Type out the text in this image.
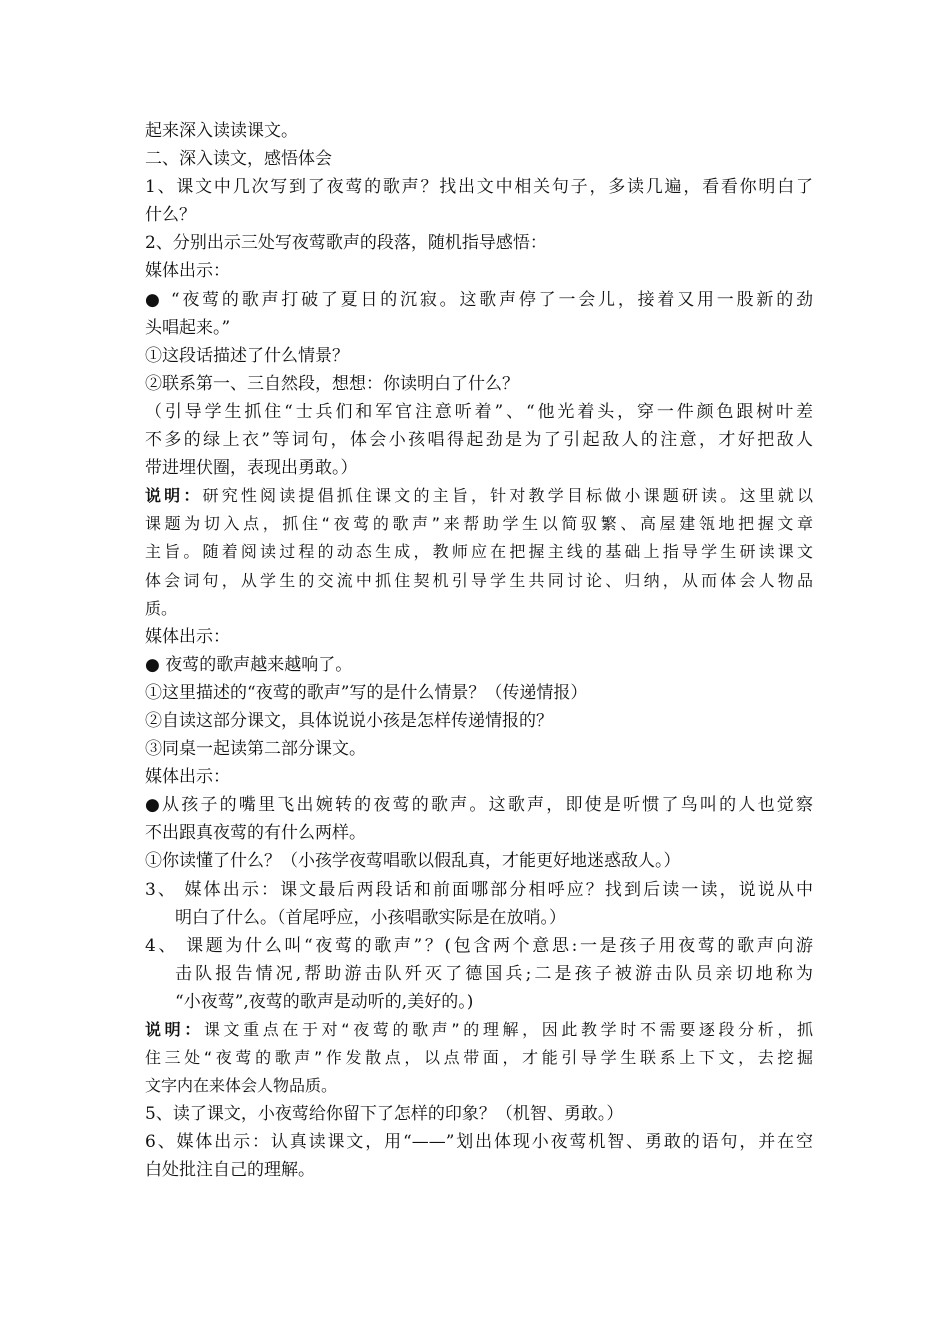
起来深入读读课文。
二、深入读文，感悟体会
1、课文中几次写到了夜莺的歌声？找出文中相关句子，多读几遍，看看你明白了
什么？
2、分别出示三处写夜莺歌声的段落，随机指导感悟：
媒体出示：
● “夜莺的歌声打破了夏日的沉寂。这歌声停了一会儿，接着又用一股新的劲
头唱起来。”
①这段话描述了什么情景？
②联系第一、三自然段，想想：你读明白了什么？
（引导学生抓住“士兵们和军官注意听着”、“他光着头，穿一件颜色跟树叶差
不多的绿上衣”等词句，体会小孩唱得起劲是为了引起敌人的注意，才好把敌人
带进埋伏圈，表现出勇敢。）
说明：研究性阅读提倡抓住课文的主旨，针对教学目标做小课题研读。这里就以
课题为切入点，抓住“夜莺的歌声”来帮助学生以简驭繁、高屋建瓴地把握文章
主旨。随着阅读过程的动态生成，教师应在把握主线的基础上指导学生研读课文
体会词句，从学生的交流中抓住契机引导学生共同讨论、归纳，从而体会人物品
质。
媒体出示：
● 夜莺的歌声越来越响了。
①这里描述的“夜莺的歌声”写的是什么情景？（传递情报）
②自读这部分课文，具体说说小孩是怎样传递情报的？
③同桌一起读第二部分课文。
媒体出示：
●从孩子的嘴里飞出婉转的夜莺的歌声。这歌声，即使是听惯了鸟叫的人也觉察
不出跟真夜莺的有什么两样。
①你读懂了什么？（小孩学夜莺唱歌以假乱真，才能更好地迷惑敌人。）
3、 媒体出示：课文最后两段话和前面哪部分相呼应？找到后读一读，说说从中
明白了什么。（首尾呼应，小孩唱歌实际是在放哨。）
4、 课题为什么叫“夜莺的歌声”？(包含两个意思:一是孩子用夜莺的歌声向游
击队报告情况,帮助游击队歼灭了德国兵;二是孩子被游击队员亲切地称为
“小夜莺”,夜莺的歌声是动听的,美好的。)
说明：课文重点在于对“夜莺的歌声”的理解，因此教学时不需要逐段分析，抓
住三处“夜莺的歌声”作发散点，以点带面，才能引导学生联系上下文，去挖掘
文字内在来体会人物品质。
5、读了课文，小夜莺给你留下了怎样的印象？（机智、勇敢。）
6、媒体出示：认真读课文，用“——”划出体现小夜莺机智、勇敢的语句，并在空
白处批注自己的理解。
